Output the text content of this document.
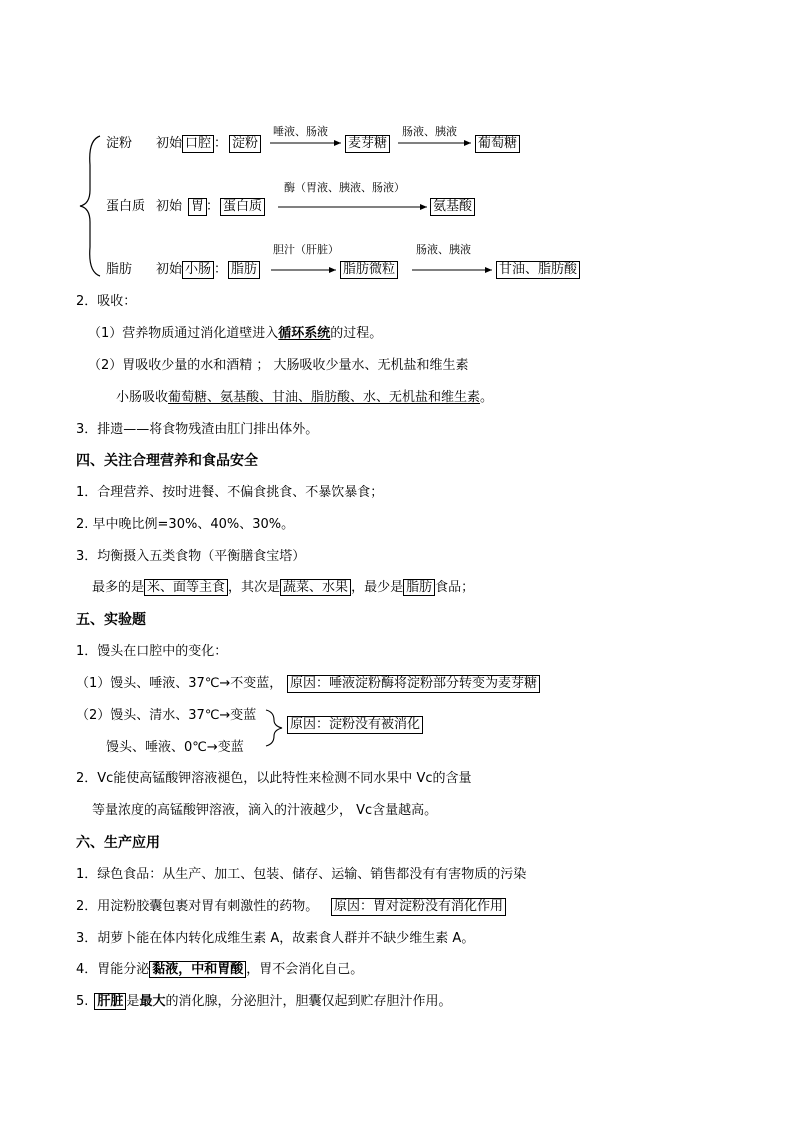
淀粉 初始 口腔 ： 淀粉
唾液、肠液
麦芽糖
肠液、胰液
葡萄糖
蛋白质 初始 胃 ： 蛋白质
酶（胃液、胰液、肠液）
氨基酸
脂肪 初始 小肠 ： 脂肪
胆汁（肝脏）
脂肪微粒
肠液、胰液
甘油、脂肪酸
2．吸收：
（1）营养物质通过消化道壁进入循环系统的过程。
（2）胃吸收少量的水和酒精 ； 大肠吸收少量水、无机盐和维生素
小肠吸收葡萄糖、氨基酸、甘油、脂肪酸、水、无机盐和维生素。
3．排遗——将食物残渣由肛门排出体外。
四、关注合理营养和食品安全
1．合理营养、按时进餐、不偏食挑食、不暴饮暴食；
2. 早中晚比例=30%、40%、30%。
3．均衡摄入五类食物（平衡膳食宝塔）
最多的是 米、面等主食 ，其次是 蔬菜、水果 ，最少是 脂肪 食品；
五、实验题
1．馒头在口腔中的变化：
（1）馒头、唾液、37℃→不变蓝， 原因：唾液淀粉酶将淀粉部分转变为麦芽糖
（2）馒头、清水、37℃→变蓝
馒头、唾液、0℃→变蓝
原因：淀粉没有被消化
2．Vc能使高锰酸钾溶液褪色，以此特性来检测不同水果中 Vc的含量
等量浓度的高锰酸钾溶液，滴入的汁液越少， Vc含量越高。
六、生产应用
1．绿色食品：从生产、加工、包装、储存、运输、销售都没有有害物质的污染
2．用淀粉胶囊包裹对胃有刺激性的药物。 原因：胃对淀粉没有消化作用
3．胡萝卜能在体内转化成维生素 A，故素食人群并不缺少维生素 A。
4．胃能分泌 黏液，中和胃酸 ，胃不会消化自己。
5. 肝脏 是最大的消化腺，分泌胆汁，胆囊仅起到贮存胆汁作用。
